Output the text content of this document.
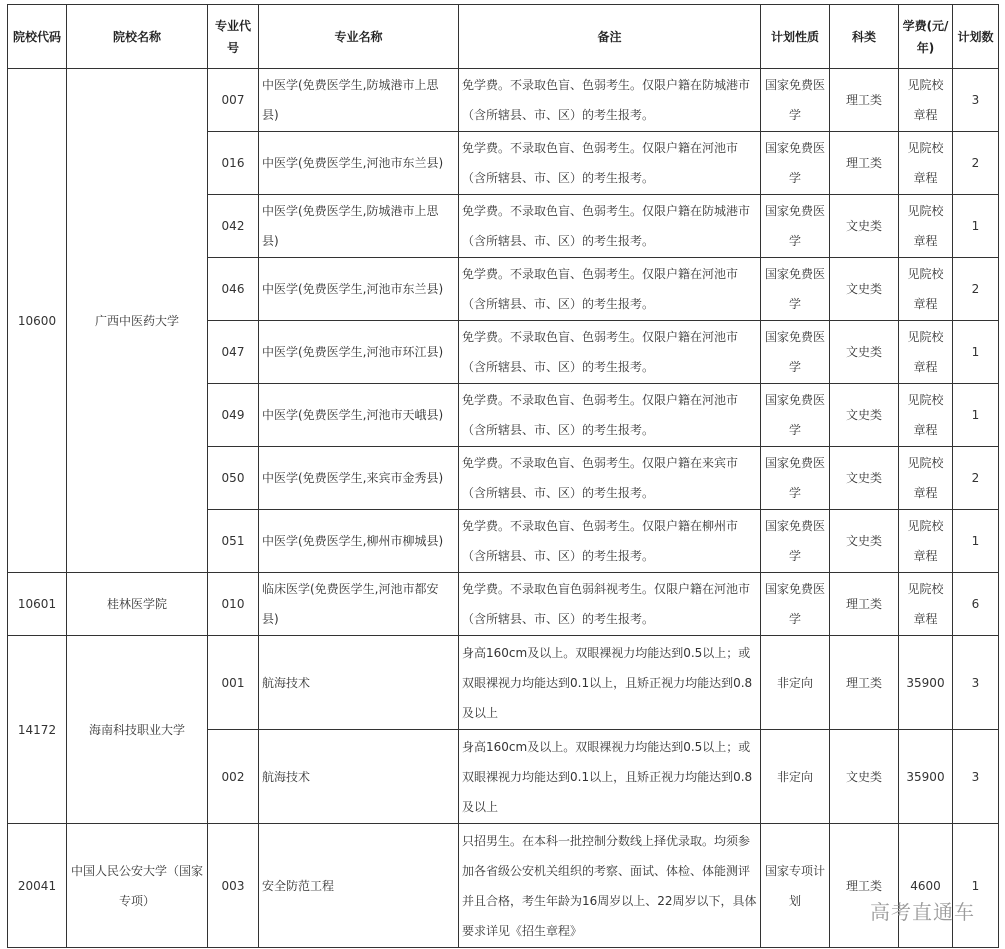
院校代码	院校名称	专业代号	专业名称	备注	计划性质	科类	学费(元/年)	计划数
10600	广西中医药大学	007	中医学(免费医学生,防城港市上思县)	免学费。不录取色盲、色弱考生。仅限户籍在防城港市（含所辖县、市、区）的考生报考。	国家免费医学	理工类	见院校章程	3
		016	中医学(免费医学生,河池市东兰县)	免学费。不录取色盲、色弱考生。仅限户籍在河池市（含所辖县、市、区）的考生报考。	国家免费医学	理工类	见院校章程	2
		042	中医学(免费医学生,防城港市上思县)	免学费。不录取色盲、色弱考生。仅限户籍在防城港市（含所辖县、市、区）的考生报考。	国家免费医学	文史类	见院校章程	1
		046	中医学(免费医学生,河池市东兰县)	免学费。不录取色盲、色弱考生。仅限户籍在河池市（含所辖县、市、区）的考生报考。	国家免费医学	文史类	见院校章程	2
		047	中医学(免费医学生,河池市环江县)	免学费。不录取色盲、色弱考生。仅限户籍在河池市（含所辖县、市、区）的考生报考。	国家免费医学	文史类	见院校章程	1
		049	中医学(免费医学生,河池市天峨县)	免学费。不录取色盲、色弱考生。仅限户籍在河池市（含所辖县、市、区）的考生报考。	国家免费医学	文史类	见院校章程	1
		050	中医学(免费医学生,来宾市金秀县)	免学费。不录取色盲、色弱考生。仅限户籍在来宾市（含所辖县、市、区）的考生报考。	国家免费医学	文史类	见院校章程	2
		051	中医学(免费医学生,柳州市柳城县)	免学费。不录取色盲、色弱考生。仅限户籍在柳州市（含所辖县、市、区）的考生报考。	国家免费医学	文史类	见院校章程	1
10601	桂林医学院	010	临床医学(免费医学生,河池市都安县)	免学费。不录取色盲色弱斜视考生。仅限户籍在河池市（含所辖县、市、区）的考生报考。	国家免费医学	理工类	见院校章程	6
14172	海南科技职业大学	001	航海技术	身高160cm及以上。双眼裸视力均能达到0.5以上；或双眼裸视力均能达到0.1以上，且矫正视力均能达到0.8及以上	非定向	理工类	35900	3
		002	航海技术	身高160cm及以上。双眼裸视力均能达到0.5以上；或双眼裸视力均能达到0.1以上，且矫正视力均能达到0.8及以上	非定向	文史类	35900	3
20041	中国人民公安大学（国家专项）	003	安全防范工程	只招男生。在本科一批控制分数线上择优录取。均须参加各省级公安机关组织的考察、面试、体检、体能测评并且合格，考生年龄为16周岁以上、22周岁以下，具体要求详见《招生章程》	国家专项计划	理工类	4600	1
高考直通车
